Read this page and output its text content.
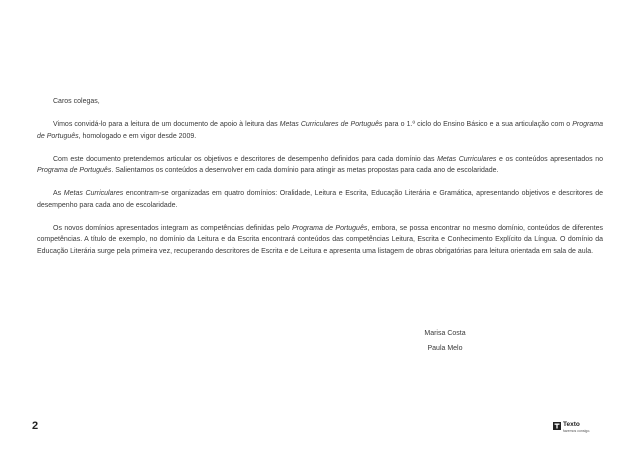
Caros colegas,

Vimos convidá-lo para a leitura de um documento de apoio à leitura das Metas Curriculares de Português para o 1.º ciclo do Ensino Básico e a sua articulação com o Programa de Português, homologado e em vigor desde 2009.

Com este documento pretendemos articular os objetivos e descritores de desempenho definidos para cada domínio das Metas Curriculares e os conteúdos apresentados no Programa de Português. Salientamos os conteúdos a desenvolver em cada domínio para atingir as metas propostas para cada ano de escolaridade.

As Metas Curriculares encontram-se organizadas em quatro domínios: Oralidade, Leitura e Escrita, Educação Literária e Gramática, apresentando objetivos e descritores de desempenho para cada ano de escolaridade.

Os novos domínios apresentados integram as competências definidas pelo Programa de Português, embora, se possa encontrar no mesmo domínio, conteúdos de diferentes competências. A título de exemplo, no domínio da Leitura e da Escrita encontrará conteúdos das competências Leitura, Escrita e Conhecimento Explícito da Língua. O domínio da Educação Literária surge pela primeira vez, recuperando descritores de Escrita e de Leitura e apresenta uma listagem de obras obrigatórias para leitura orientada em sala de aula.

Marisa Costa
Paula Melo
2	Texto
fazemos consigo.
